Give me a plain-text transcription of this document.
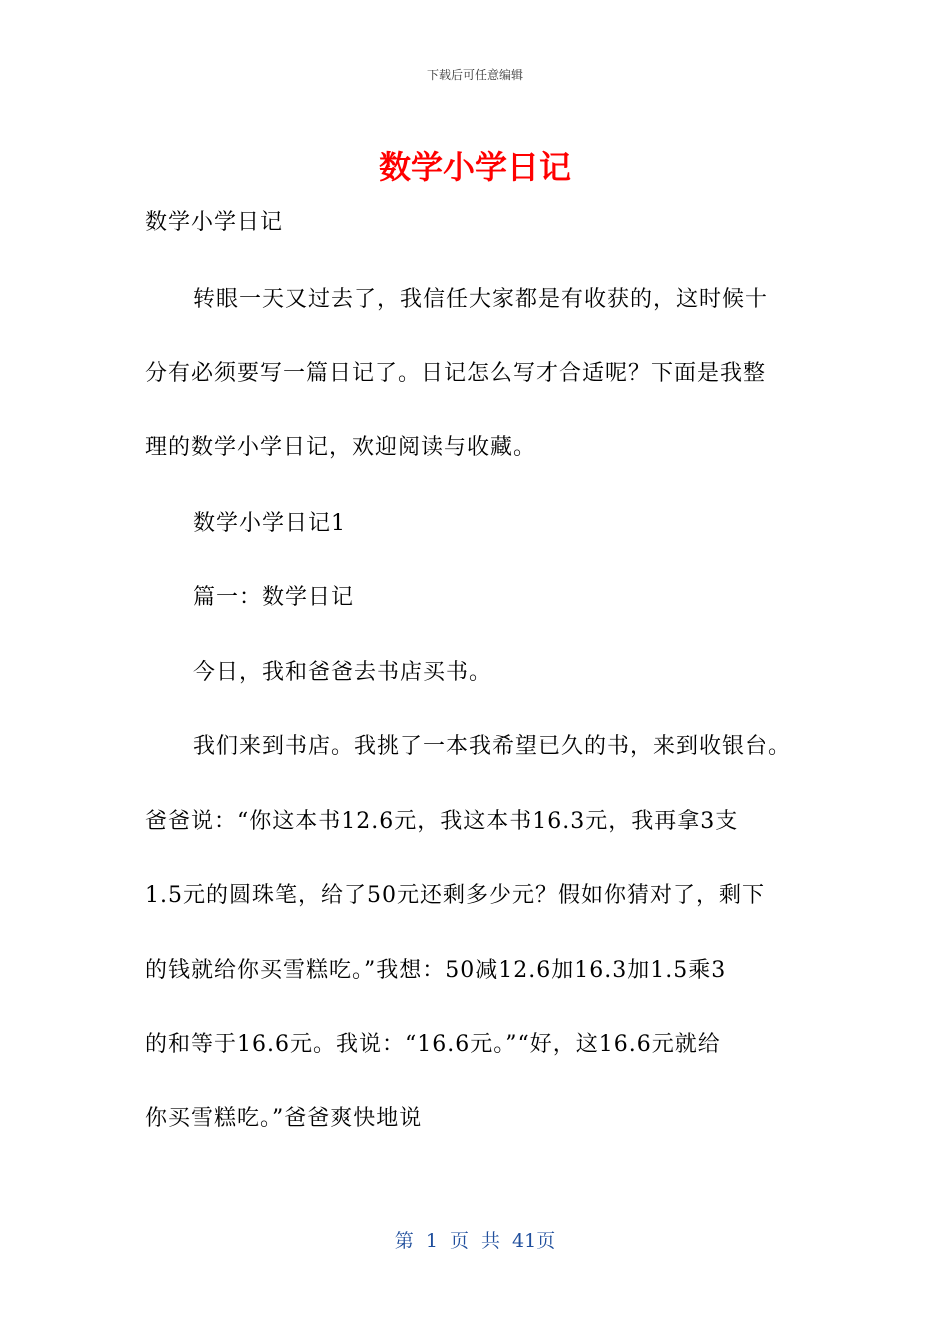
下载后可任意编辑
数学小学日记
数学小学日记
转眼一天又过去了，我信任大家都是有收获的，这时候十
分有必须要写一篇日记了。日记怎么写才合适呢？下面是我整
理的数学小学日记，欢迎阅读与收藏。
数学小学日记1
篇一：数学日记
今日，我和爸爸去书店买书。
我们来到书店。我挑了一本我希望已久的书，来到收银台。
爸爸说：“你这本书12.6元，我这本书16.3元，我再拿3支
1.5元的圆珠笔，给了50元还剩多少元？假如你猜对了，剩下
的钱就给你买雪糕吃。”我想：50减12.6加16.3加1.5乘3
的和等于16.6元。我说：“16.6元。”“好，这16.6元就给
你买雪糕吃。”爸爸爽快地说
第 1 页 共 41页
